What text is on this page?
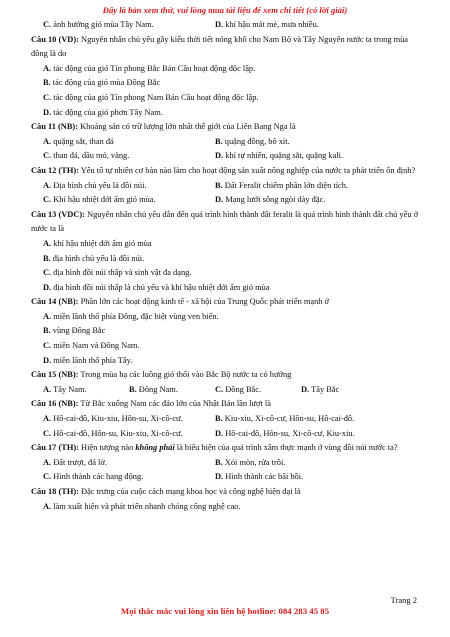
Đây là bản xem thử, vui lòng mua tài liệu để xem chi tiết (có lời giải)
C. ảnh hưởng gió mùa Tây Nam.	D. khí hậu mát mẻ, mưa nhiều.
Câu 10 (VD): Nguyên nhân chủ yếu gây kiểu thời tiết nóng khô cho Nam Bộ và Tây Nguyên nước ta trong mùa đông là do
A. tác động của gió Tín phong Bắc Bán Cầu hoạt động độc lập.
B. tác động của gió mùa Đông Bắc
C. tác động của gió Tín phong Nam Bán Cầu hoạt động độc lập.
D. tác động của gió phơn Tây Nam.
Câu 11 (NB): Khoáng sản có trữ lượng lớn nhất thế giới của Liên Bang Nga là
A. quặng sắt, than đá	B. quặng đồng, bô xít.
C. than đá, dầu mỏ, vàng.	D. khí tự nhiên, quặng sắt, quặng kali.
Câu 12 (TH): Yếu tố tự nhiên cơ bản nào làm cho hoạt động sản xuất nông nghiệp của nước ta phát triển ổn định?
A. Địa hình chủ yếu là đồi núi.	B. Đất Feralit chiếm phần lớn diện tích.
C. Khí hậu nhiệt đới ẩm gió mùa.	D. Mạng lưới sông ngòi dày đặc.
Câu 13 (VDC): Nguyên nhân chủ yếu dẫn đến quá trình hình thành đất feralit là quá trình hình thành đất chủ yếu ở nước ta là
A. khí hậu nhiệt đới ẩm gió mùa
B. địa hình chủ yếu là đồi núi.
C. địa hình đồi núi thấp và sinh vật đa dạng.
D. địa hình đồi núi thấp là chủ yếu và khí hậu nhiệt đới ẩm gió mùa
Câu 14 (NB): Phần lớn các hoạt động kinh tế - xã hội của Trung Quốc phát triển mạnh ở
A. miền lãnh thổ phía Đông, đặc biệt vùng ven biển.
B. vùng Đông Bắc
C. miền Nam và Đông Nam.
D. miền lãnh thổ phía Tây.
Câu 15 (NB): Trong mùa hạ các luồng gió thổi vào Bắc Bộ nước ta có hướng
A. Tây Nam.	B. Đông Nam.	C. Đông Bắc.	D. Tây Bắc
Câu 16 (NB): Từ Bắc xuống Nam các đảo lớn của Nhật Bản lần lượt là
A. Hô-cai-đô, Kiu-xiu, Hôn-su, Xi-cô-cư.	B. Kiu-xiu, Xi-cô-cư, Hôn-su, Hô-cai-đô.
C. Hô-cai-đô, Hôn-su, Kiu-xiu, Xi-cô-cư.	D. Hô-cai-đô, Hôn-su, Xi-cô-cư, Kiu-xiu.
Câu 17 (TH): Hiện tượng nào không phải là biểu hiện của quá trình xâm thực mạnh ở vùng đồi núi nước ta?
A. Đất trượt, đá lở.	B. Xói mòn, rửa trôi.
C. Hình thành các hang động.	D. Hình thành các bãi bồi.
Câu 18 (TH): Đặc trưng của cuộc cách mạng khoa học và công nghệ hiện đại là
A. làm xuất hiện và phát triển nhanh chóng công nghệ cao.
Trang 2
Mọi thắc mắc vui lòng xin liên hệ hotline: 084 283 45 85
